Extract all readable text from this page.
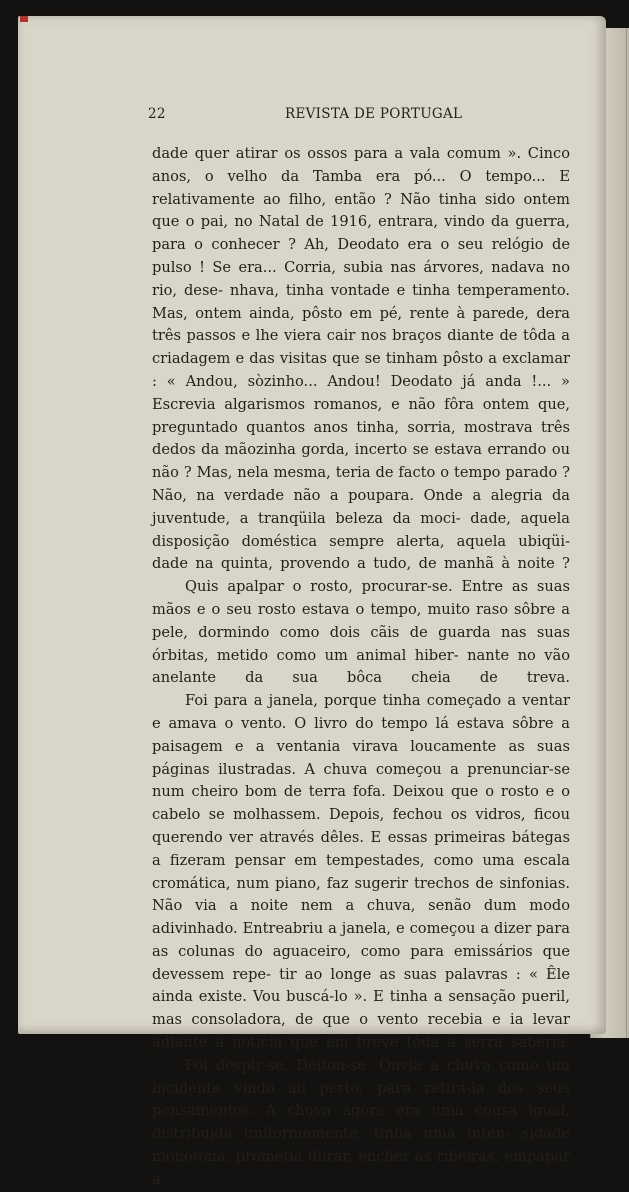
22	REVISTA DE PORTUGAL

dade quer atirar os ossos para a vala comum ». Cinco anos, o velho da Tamba era pó... O tempo... E relativamente ao filho, então ? Não tinha sido ontem que o pai, no Natal de 1916, entrara, vindo da guerra, para o conhecer ? Ah, Deodato era o seu relógio de pulso ! Se era... Corria, subia nas árvores, nadava no rio, dese- nhava, tinha vontade e tinha temperamento. Mas, ontem ainda, pôsto em pé, rente à parede, dera três passos e lhe viera cair nos braços diante de tôda a criadagem e das visitas que se tinham pôsto a exclamar : « Andou, sòzinho... Andou! Deodato já anda !... » Escrevia algarismos romanos, e não fôra ontem que, preguntado quantos anos tinha, sorria, mostrava três dedos da mãozinha gorda, incerto se estava errando ou não ? Mas, nela mesma, teria de facto o tempo parado ? Não, na verdade não a poupara. Onde a alegria da juventude, a tranqüila beleza da moci- dade, aquela disposição doméstica sempre alerta, aquela ubiqüi- dade na quinta, provendo a tudo, de manhã à noite ?

Quis apalpar o rosto, procurar-se. Entre as suas mãos e o seu rosto estava o tempo, muito raso sôbre a pele, dormindo como dois cãis de guarda nas suas órbitas, metido como um animal hiber- nante no vão anelante da sua bôca cheia de treva.

Foi para a janela, porque tinha começado a ventar e amava o vento. O livro do tempo lá estava sôbre a paisagem e a ventania virava loucamente as suas páginas ilustradas. A chuva começou a prenunciar-se num cheiro bom de terra fofa. Deixou que o rosto e o cabelo se molhassem. Depois, fechou os vidros, ficou querendo ver através dêles. E essas primeiras bátegas a fizeram pensar em tempestades, como uma escala cromática, num piano, faz sugerir trechos de sinfonias. Não via a noite nem a chuva, senão dum modo adivinhado. Entreabriu a janela, e começou a dizer para as colunas do aguaceiro, como para emissários que devessem repe- tir ao longe as suas palavras : « Êle ainda existe. Vou buscá-lo ». E tinha a sensação pueril, mas consoladora, de que o vento recebia e ia levar adiante a notícia que em breve tôda a serra saberia.

Foi despir-se. Deitou-se. Ouvia a chuva como um incidente vindo ali perto, para retirá-la dos seus pensamentos. A chuva agora era uma cousa igual, distribuída uniformemente, tinha uma inten- sidade monótona, prometia durar, encher as ribeiras, empapar a
